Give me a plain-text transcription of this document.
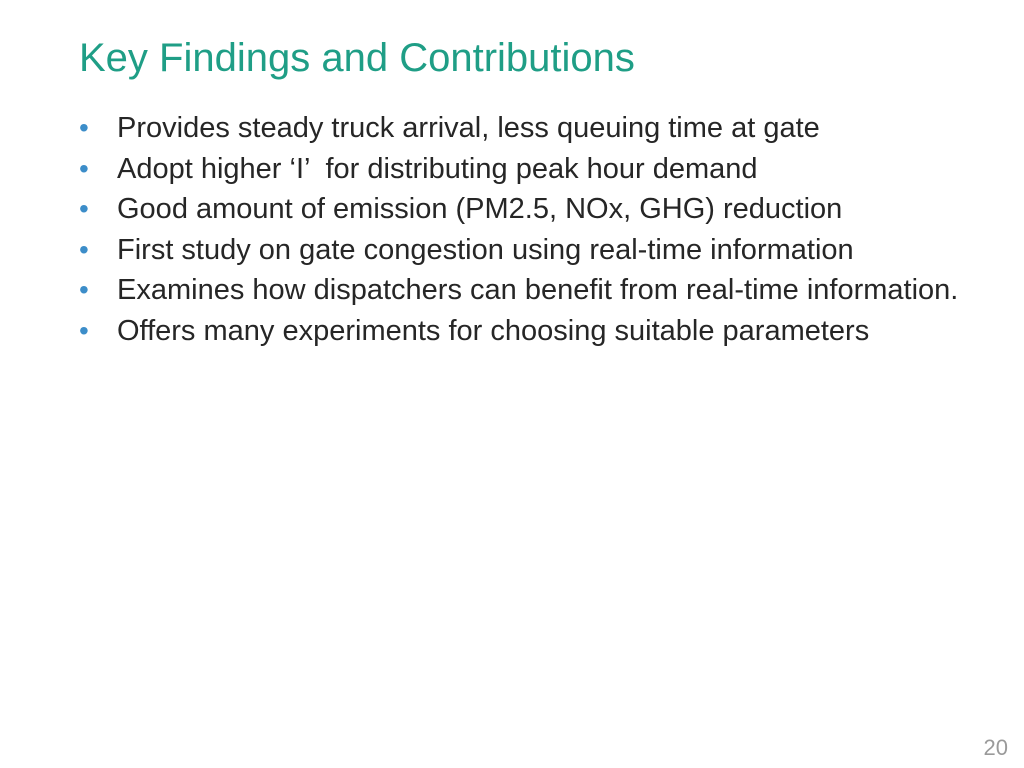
Key Findings and Contributions
• Provides steady truck arrival, less queuing time at gate
• Adopt higher ‘I’  for distributing peak hour demand
• Good amount of emission (PM2.5, NOx, GHG) reduction
• First study on gate congestion using real-time information
• Examines how dispatchers can benefit from real-time information.
• Offers many experiments for choosing suitable parameters
20
